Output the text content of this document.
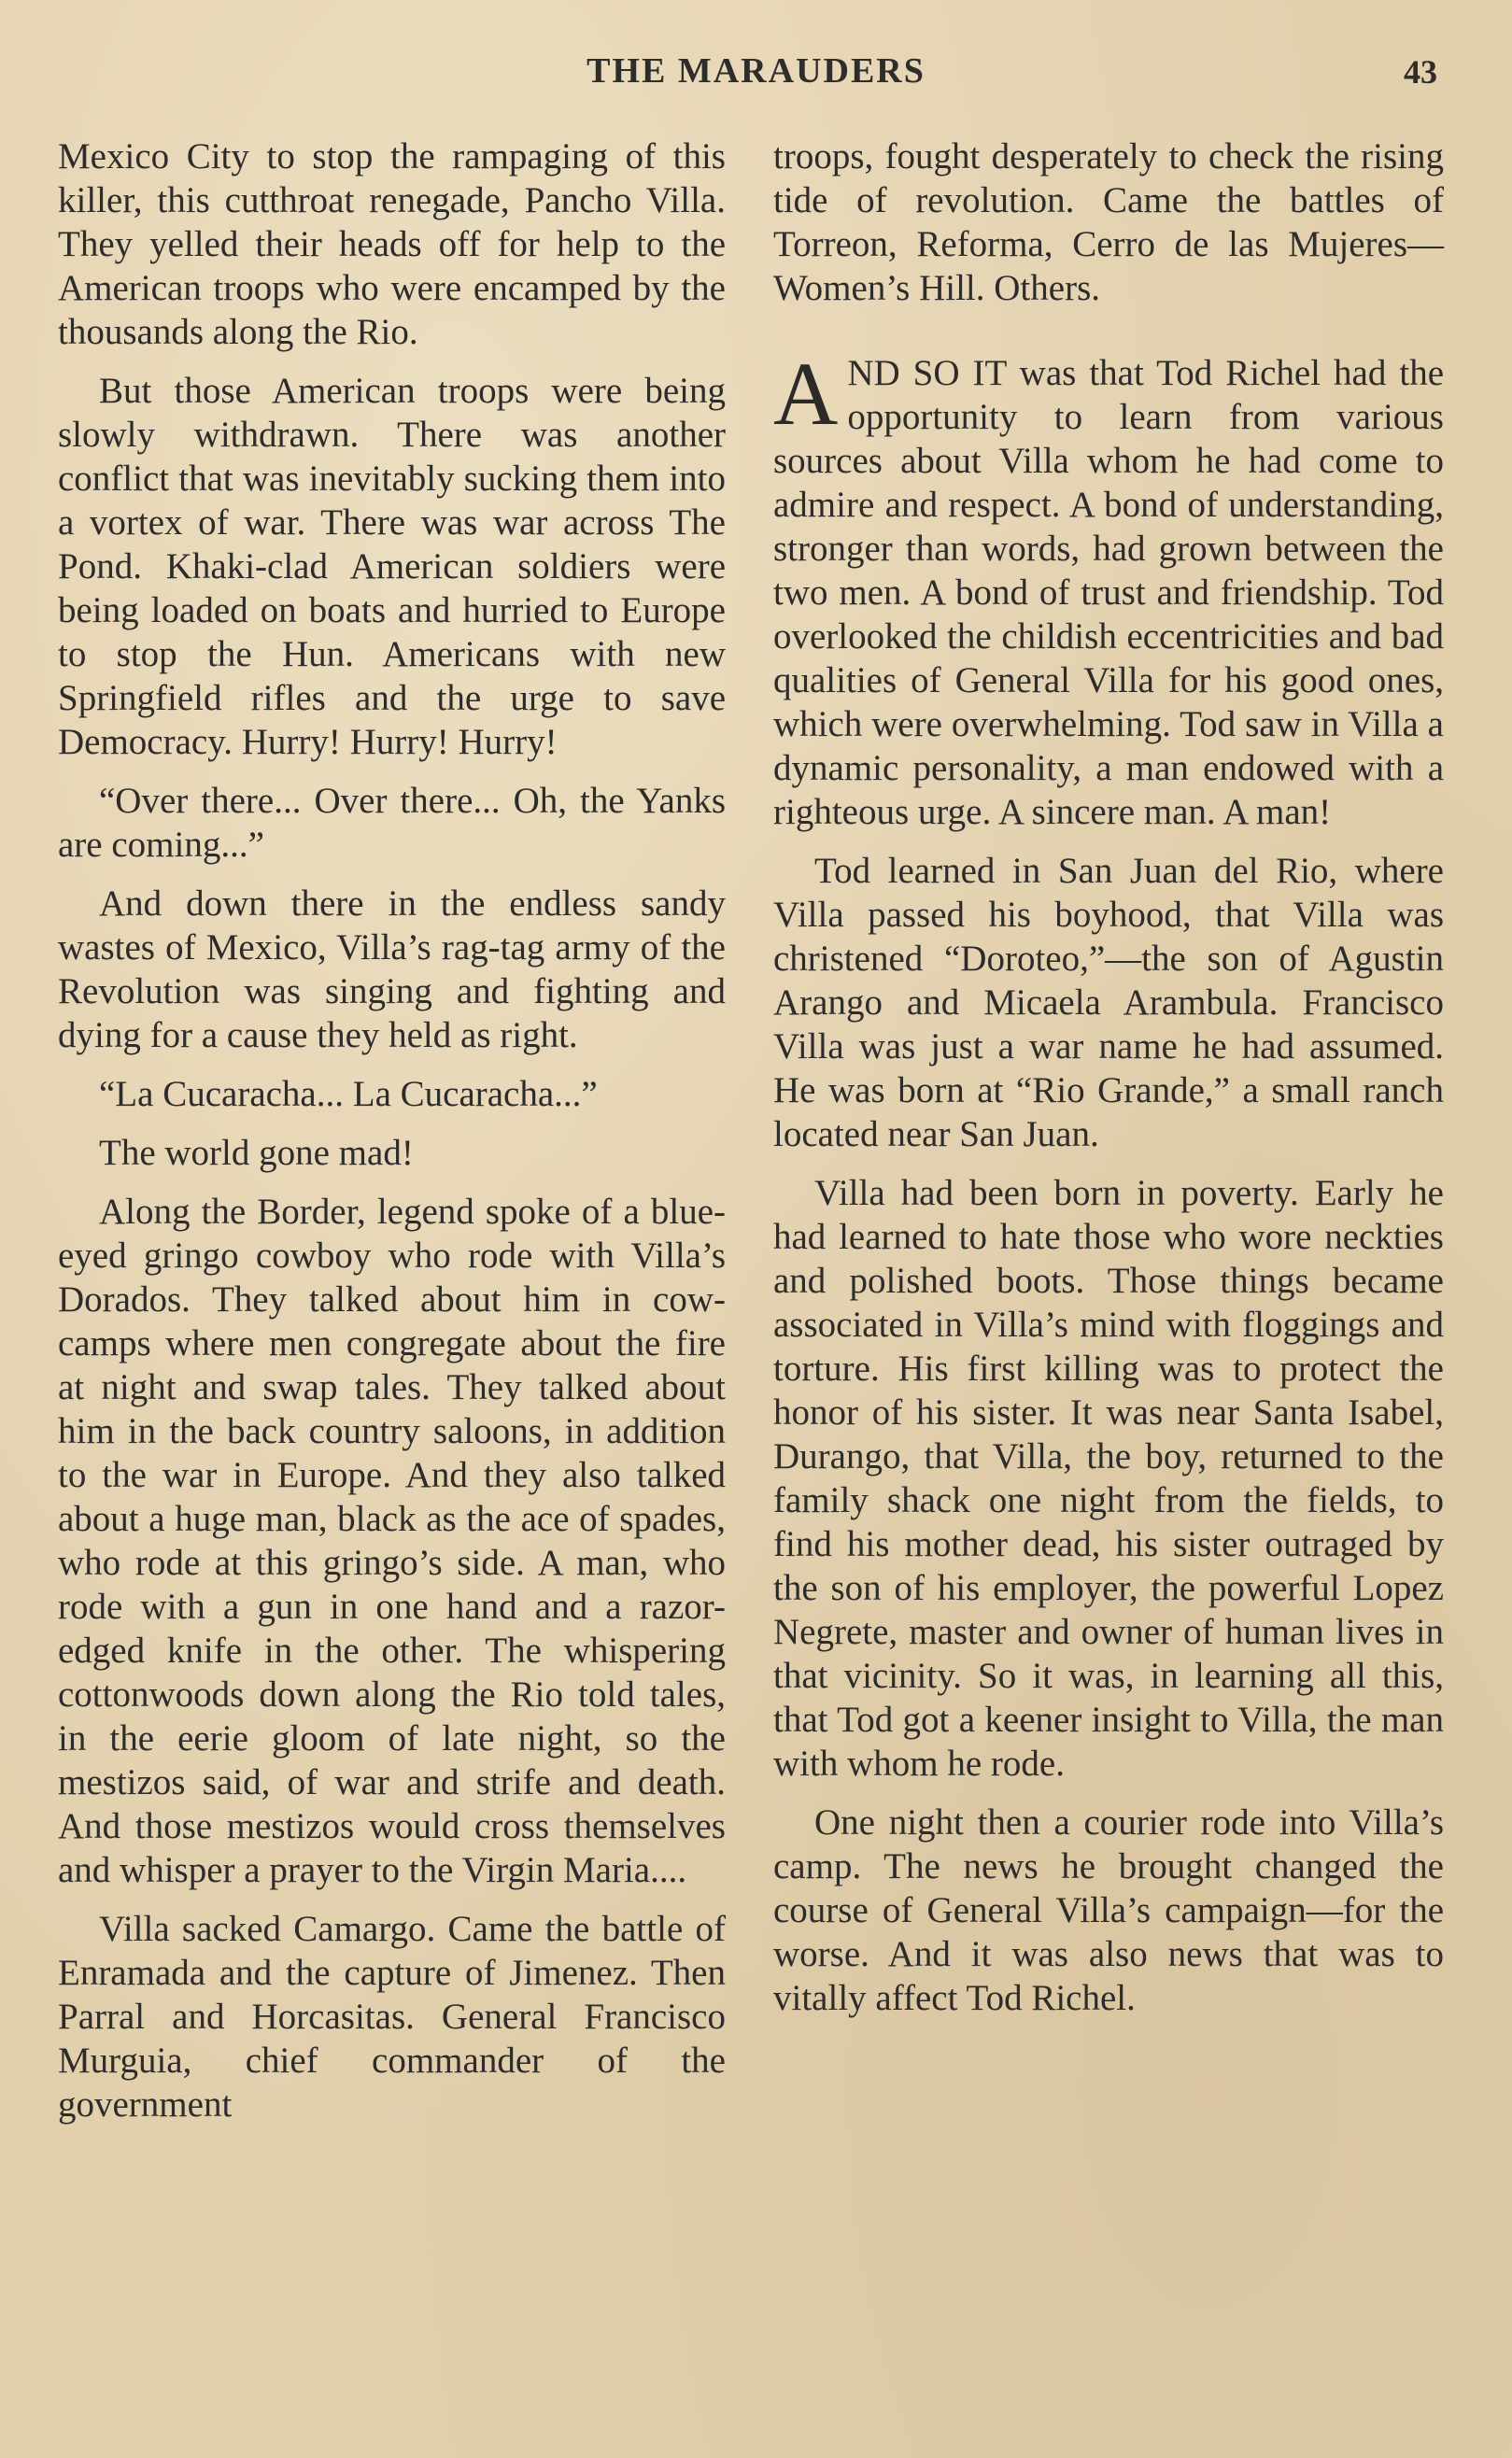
THE MARAUDERS	43

Mexico City to stop the rampaging of this killer, this cutthroat renegade, Pancho Villa. They yelled their heads off for help to the American troops who were encamped by the thousands along the Rio.

But those American troops were being slowly withdrawn. There was another conflict that was inevitably sucking them into a vortex of war. There was war across The Pond. Khaki-clad American soldiers were being loaded on boats and hurried to Europe to stop the Hun. Americans with new Springfield rifles and the urge to save Democracy. Hurry! Hurry! Hurry!

“Over there... Over there... Oh, the Yanks are coming...”

And down there in the endless sandy wastes of Mexico, Villa’s rag-tag army of the Revolution was singing and fighting and dying for a cause they held as right.

“La Cucaracha... La Cucaracha...”

The world gone mad!

Along the Border, legend spoke of a blue-eyed gringo cowboy who rode with Villa’s Dorados. They talked about him in cow-camps where men congregate about the fire at night and swap tales. They talked about him in the back country saloons, in addition to the war in Europe. And they also talked about a huge man, black as the ace of spades, who rode at this gringo’s side. A man, who rode with a gun in one hand and a razor-edged knife in the other. The whispering cottonwoods down along the Rio told tales, in the eerie gloom of late night, so the mestizos said, of war and strife and death. And those mestizos would cross themselves and whisper a prayer to the Virgin Maria....

Villa sacked Camargo. Came the battle of Enramada and the capture of Jimenez. Then Parral and Horcasitas. General Francisco Murguia, chief commander of the government

troops, fought desperately to check the rising tide of revolution. Came the battles of Torreon, Reforma, Cerro de las Mujeres—Women’s Hill. Others.

AND SO IT was that Tod Richel had the opportunity to learn from various sources about Villa whom he had come to admire and respect. A bond of understanding, stronger than words, had grown between the two men. A bond of trust and friendship. Tod overlooked the childish eccentricities and bad qualities of General Villa for his good ones, which were overwhelming. Tod saw in Villa a dynamic personality, a man endowed with a righteous urge. A sincere man. A man!

Tod learned in San Juan del Rio, where Villa passed his boyhood, that Villa was christened “Doroteo,”—the son of Agustin Arango and Micaela Arambula. Francisco Villa was just a war name he had assumed. He was born at “Rio Grande,” a small ranch located near San Juan.

Villa had been born in poverty. Early he had learned to hate those who wore neckties and polished boots. Those things became associated in Villa’s mind with floggings and torture. His first killing was to protect the honor of his sister. It was near Santa Isabel, Durango, that Villa, the boy, returned to the family shack one night from the fields, to find his mother dead, his sister outraged by the son of his employer, the powerful Lopez Negrete, master and owner of human lives in that vicinity. So it was, in learning all this, that Tod got a keener insight to Villa, the man with whom he rode.

One night then a courier rode into Villa’s camp. The news he brought changed the course of General Villa’s campaign—for the worse. And it was also news that was to vitally affect Tod Richel.
